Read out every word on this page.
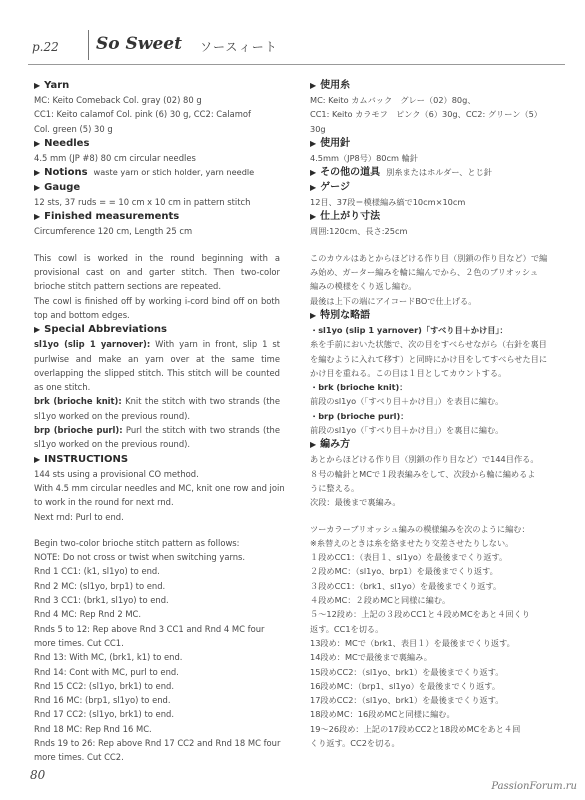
p.22 So Sweet ソースィート
▶ Yarn
MC: Keito Comeback Col. gray (02) 80 g
CC1: Keito calamof Col. pink (6) 30 g, CC2: Calamof
Col. green (5) 30 g
▶ Needles
4.5 mm (JP #8) 80 cm circular needles
▶ Notions waste yarn or stich holder, yarn needle
▶ Gauge
12 sts, 37 ruds = = 10 cm x 10 cm in pattern stitch
▶ Finished measurements
Circumference 120 cm, Length 25 cm
This cowl is worked in the round beginning with a provisional cast on and garter stitch. Then two-color brioche stitch pattern sections are repeated.
The cowl is finished off by working i-cord bind off on both top and bottom edges.
▶ Special Abbreviations
sl1yo (slip 1 yarnover): With yarn in front, slip 1 st purlwise and make an yarn over at the same time overlapping the slipped stitch. This stitch will be counted as one stitch.
brk (brioche knit): Knit the stitch with two strands (the sl1yo worked on the previous round).
brp (brioche purl): Purl the stitch with two strands (the sl1yo worked on the previous round).
▶ INSTRUCTIONS
144 sts using a provisional CO method.
With 4.5 mm circular needles and MC, knit one row and join
to work in the round for next rnd.
Next rnd: Purl to end.
Begin two-color brioche stitch pattern as follows:
NOTE: Do not cross or twist when switching yarns.
Rnd 1 CC1: (k1, sl1yo) to end.
Rnd 2 MC: (sl1yo, brp1) to end.
Rnd 3 CC1: (brk1, sl1yo) to end.
Rnd 4 MC: Rep Rnd 2 MC.
Rnds 5 to 12: Rep above Rnd 3 CC1 and Rnd 4 MC four
more times. Cut CC1.
Rnd 13: With MC, (brk1, k1) to end.
Rnd 14: Cont with MC, purl to end.
Rnd 15 CC2: (sl1yo, brk1) to end.
Rnd 16 MC: (brp1, sl1yo) to end.
Rnd 17 CC2: (sl1yo, brk1) to end.
Rnd 18 MC: Rep Rnd 16 MC.
Rnds 19 to 26: Rep above Rnd 17 CC2 and Rnd 18 MC four
more times. Cut CC2.
▶ 使用糸
MC: Keito カムバック　グレー（02）80g、
CC1: Keito カラモフ　ピンク（6）30g、CC2: グリーン（5）
30g
▶ 使用針
4.5mm（JP8号）80cm 輪針
▶ その他の道具 別糸またはホルダー、とじ針
▶ ゲージ
12目、37段＝模様編み縞で10cm×10cm
▶ 仕上がり寸法
周囲:120cm、長さ:25cm
このカウルはあとからほどける作り目（別鎖の作り目など）で編
み始め、ガーター編みを輪に編んでから、２色のブリオッシュ
編みの模様をくり返し編む。
最後は上下の端にアイコードBOで仕上げる。
▶ 特別な略語
・sl1yo (slip 1 yarnover)「すべり目＋かけ目」：
糸を手前においた状態で、次の目をすべらせながら（右針を裏目
を編むように入れて移す）と同時にかけ目をしてすべらせた目に
かけ目を重ねる。この目は１目としてカウントする。
・brk (brioche knit)：
前段のsl1yo（「すべり目＋かけ目」）を表目に編む。
・brp (brioche purl)：
前段のsl1yo（「すべり目＋かけ目」）を裏目に編む。
▶ 編み方
あとからほどける作り目（別鎖の作り目など）で144目作る。
８号の輪針とMCで１段表編みをして、次段から輪に編めるよ
うに整える。
次段：最後まで裏編み。
ツーカラーブリオッシュ編みの模様編みを次のように編む：
※糸替えのときは糸を絡ませたり交差させたりしない。
１段めCC1：（表目１、sl1yo）を最後までくり返す。
２段めMC：（sl1yo、brp1）を最後までくり返す。
３段めCC1：（brk1、sl1yo）を最後までくり返す。
４段めMC：２段めMCと同様に編む。
５～12段め：上記の３段めCC1と４段めMCをあと４回くり
返す。CC1を切る。
13段め：MCで（brk1、表目１）を最後までくり返す。
14段め：MCで最後まで裏編み。
15段めCC2：（sl1yo、brk1）を最後までくり返す。
16段めMC：（brp1、sl1yo）を最後までくり返す。
17段めCC2：（sl1yo、brk1）を最後までくり返す。
18段めMC：16段めMCと同様に編む。
19～26段め：上記の17段めCC2と18段めMCをあと４回
くり返す。CC2を切る。
80
PassionForum.ru
